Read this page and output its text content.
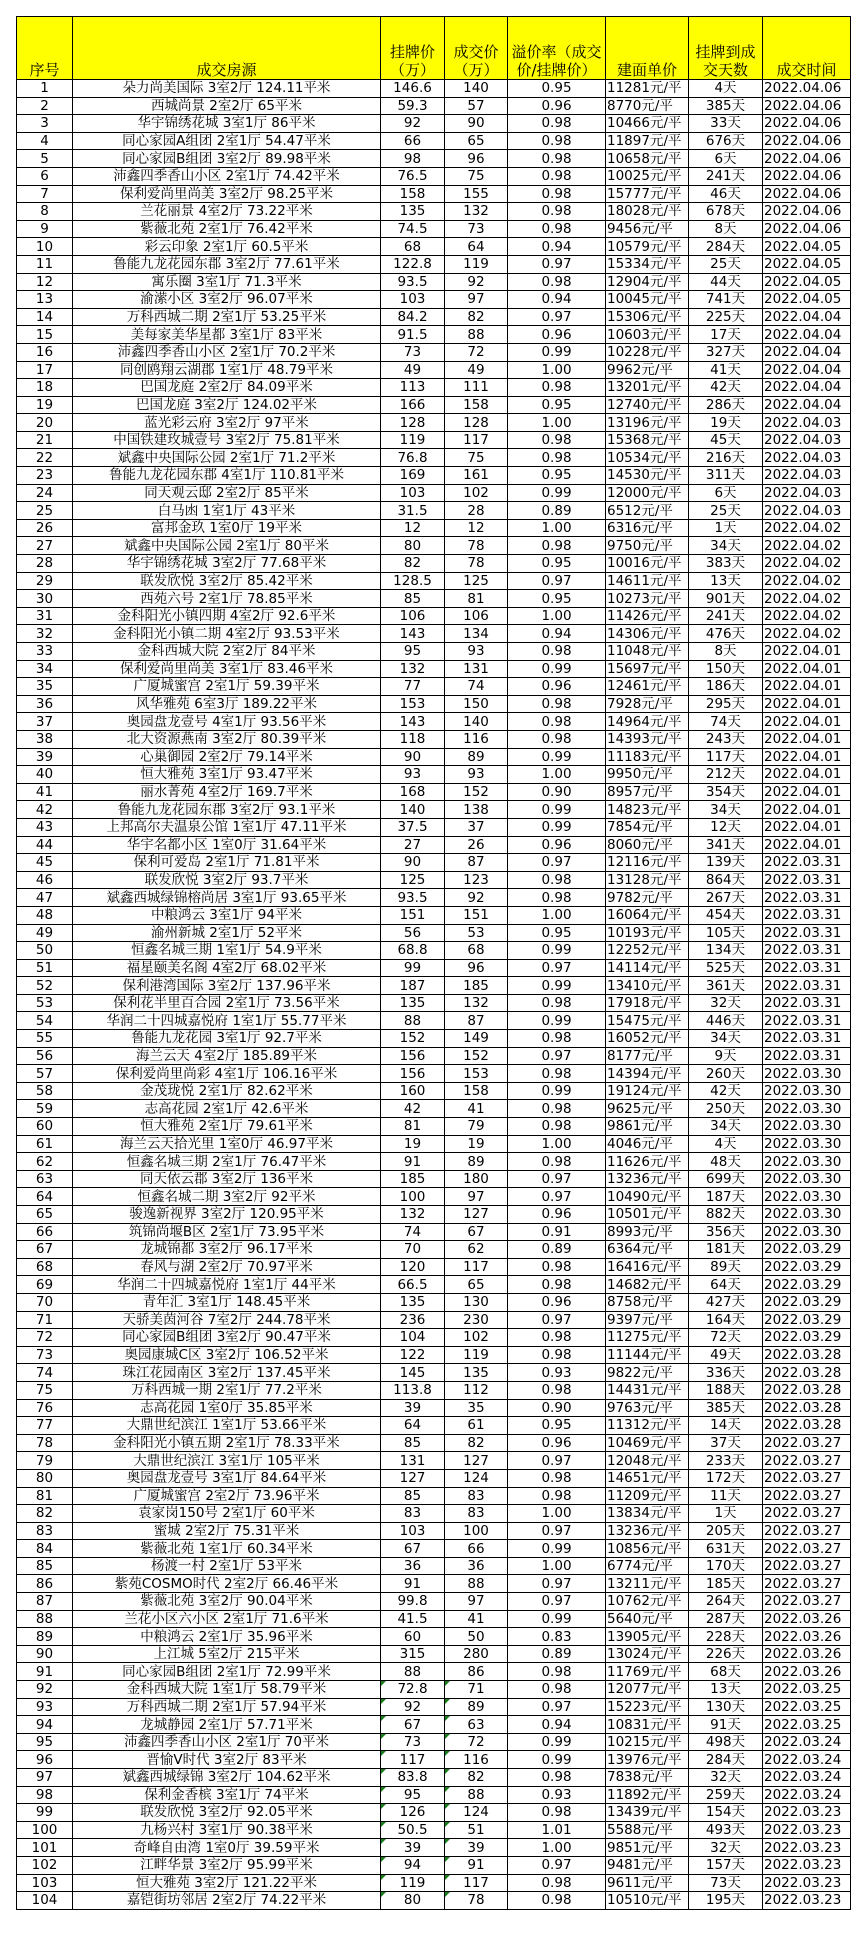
序号	成交房源	挂牌价（万）	成交价（万）	溢价率（成交价/挂牌价）	建面单价	挂牌到成交天数	成交时间
1	朵力尚美国际 3室2厅 124.11平米	146.6	140	0.95	11281元/平	4天	2022.04.06
2	西城尚景 2室2厅 65平米	59.3	57	0.96	8770元/平	385天	2022.04.06
3	华宇锦绣花城 3室1厅 86平米	92	90	0.98	10466元/平	33天	2022.04.06
4	同心家园A组团 2室1厅 54.47平米	66	65	0.98	11897元/平	676天	2022.04.06
5	同心家园B组团 3室2厅 89.98平米	98	96	0.98	10658元/平	6天	2022.04.06
6	沛鑫四季香山小区 2室1厅 74.42平米	76.5	75	0.98	10025元/平	241天	2022.04.06
7	保利爱尚里尚美 3室2厅 98.25平米	158	155	0.98	15777元/平	46天	2022.04.06
8	兰花丽景 4室2厅 73.22平米	135	132	0.98	18028元/平	678天	2022.04.06
9	紫薇北苑 2室1厅 76.42平米	74.5	73	0.98	9456元/平	8天	2022.04.06
10	彩云印象 2室1厅 60.5平米	68	64	0.94	10579元/平	284天	2022.04.05
11	鲁能九龙花园东郡 3室2厅 77.61平米	122.8	119	0.97	15334元/平	25天	2022.04.05
12	寓乐圈 3室1厅 71.3平米	93.5	92	0.98	12904元/平	44天	2022.04.05
13	渝潆小区 3室2厅 96.07平米	103	97	0.94	10045元/平	741天	2022.04.05
14	万科西城二期 2室1厅 53.25平米	84.2	82	0.97	15306元/平	225天	2022.04.04
15	美每家美华星都 3室1厅 83平米	91.5	88	0.96	10603元/平	17天	2022.04.04
16	沛鑫四季香山小区 2室1厅 70.2平米	73	72	0.99	10228元/平	327天	2022.04.04
17	同创鸥翔云湖郡 1室1厅 48.79平米	49	49	1.00	9962元/平	41天	2022.04.04
18	巴国龙庭 2室2厅 84.09平米	113	111	0.98	13201元/平	42天	2022.04.04
19	巴国龙庭 3室2厅 124.02平米	166	158	0.95	12740元/平	286天	2022.04.04
20	蓝光彩云府 3室2厅 97平米	128	128	1.00	13196元/平	19天	2022.04.03
21	中国铁建玫城壹号 3室2厅 75.81平米	119	117	0.98	15368元/平	45天	2022.04.03
22	斌鑫中央国际公园 2室1厅 71.2平米	76.8	75	0.98	10534元/平	216天	2022.04.03
23	鲁能九龙花园东郡 4室1厅 110.81平米	169	161	0.95	14530元/平	311天	2022.04.03
24	同天观云邸 2室2厅 85平米	103	102	0.99	12000元/平	6天	2022.04.03
25	白马凼 1室1厅 43平米	31.5	28	0.89	6512元/平	25天	2022.04.03
26	富邦金玖 1室0厅 19平米	12	12	1.00	6316元/平	1天	2022.04.02
27	斌鑫中央国际公园 2室1厅 80平米	80	78	0.98	9750元/平	34天	2022.04.02
28	华宇锦绣花城 3室2厅 77.68平米	82	78	0.95	10016元/平	383天	2022.04.02
29	联发欣悦 3室2厅 85.42平米	128.5	125	0.97	14611元/平	13天	2022.04.02
30	西苑六号 2室1厅 78.85平米	85	81	0.95	10273元/平	901天	2022.04.02
31	金科阳光小镇四期 4室2厅 92.6平米	106	106	1.00	11426元/平	241天	2022.04.02
32	金科阳光小镇二期 4室2厅 93.53平米	143	134	0.94	14306元/平	476天	2022.04.02
33	金科西城大院 2室2厅 84平米	95	93	0.98	11048元/平	8天	2022.04.01
34	保利爱尚里尚美 3室1厅 83.46平米	132	131	0.99	15697元/平	150天	2022.04.01
35	广厦城蜜宫 2室1厅 59.39平米	77	74	0.96	12461元/平	186天	2022.04.01
36	风华雅苑 6室3厅 189.22平米	153	150	0.98	7928元/平	295天	2022.04.01
37	奥园盘龙壹号 4室1厅 93.56平米	143	140	0.98	14964元/平	74天	2022.04.01
38	北大资源燕南 3室2厅 80.39平米	118	116	0.98	14393元/平	243天	2022.04.01
39	心巢御园 2室2厅 79.14平米	90	89	0.99	11183元/平	117天	2022.04.01
40	恒大雅苑 3室1厅 93.47平米	93	93	1.00	9950元/平	212天	2022.04.01
41	丽水菁苑 4室2厅 169.7平米	168	152	0.90	8957元/平	354天	2022.04.01
42	鲁能九龙花园东郡 3室2厅 93.1平米	140	138	0.99	14823元/平	34天	2022.04.01
43	上邦高尔夫温泉公馆 1室1厅 47.11平米	37.5	37	0.99	7854元/平	12天	2022.04.01
44	华宇名都小区 1室0厅 31.64平米	27	26	0.96	8060元/平	341天	2022.04.01
45	保利可爱岛 2室1厅 71.81平米	90	87	0.97	12116元/平	139天	2022.03.31
46	联发欣悦 3室2厅 93.7平米	125	123	0.98	13128元/平	864天	2022.03.31
47	斌鑫西城绿锦榕尚居 3室1厅 93.65平米	93.5	92	0.98	9782元/平	267天	2022.03.31
48	中粮鸿云 3室1厅 94平米	151	151	1.00	16064元/平	454天	2022.03.31
49	渝州新城 2室1厅 52平米	56	53	0.95	10193元/平	105天	2022.03.31
50	恒鑫名城三期 1室1厅 54.9平米	68.8	68	0.99	12252元/平	134天	2022.03.31
51	福星颐美名阁 4室2厅 68.02平米	99	96	0.97	14114元/平	525天	2022.03.31
52	保利港湾国际 3室2厅 137.96平米	187	185	0.99	13410元/平	361天	2022.03.31
53	保利花半里百合园 2室1厅 73.56平米	135	132	0.98	17918元/平	32天	2022.03.31
54	华润二十四城嘉悦府 1室1厅 55.77平米	88	87	0.99	15475元/平	446天	2022.03.31
55	鲁能九龙花园 3室1厅 92.7平米	152	149	0.98	16052元/平	34天	2022.03.31
56	海兰云天 4室2厅 185.89平米	156	152	0.97	8177元/平	9天	2022.03.31
57	保利爱尚里尚彩 4室1厅 106.16平米	156	153	0.98	14394元/平	260天	2022.03.30
58	金茂珑悦 2室1厅 82.62平米	160	158	0.99	19124元/平	42天	2022.03.30
59	志高花园 2室1厅 42.6平米	42	41	0.98	9625元/平	250天	2022.03.30
60	恒大雅苑 2室1厅 79.61平米	81	79	0.98	9861元/平	34天	2022.03.30
61	海兰云天拾光里 1室0厅 46.97平米	19	19	1.00	4046元/平	4天	2022.03.30
62	恒鑫名城三期 2室1厅 76.47平米	91	89	0.98	11626元/平	48天	2022.03.30
63	同天依云郡 3室2厅 136平米	185	180	0.97	13236元/平	699天	2022.03.30
64	恒鑫名城二期 3室2厅 92平米	100	97	0.97	10490元/平	187天	2022.03.30
65	骏逸新视界 3室2厅 120.95平米	132	127	0.96	10501元/平	882天	2022.03.30
66	筑锦尚堰B区 2室1厅 73.95平米	74	67	0.91	8993元/平	356天	2022.03.30
67	龙城锦都 3室2厅 96.17平米	70	62	0.89	6364元/平	181天	2022.03.29
68	春风与湖 2室2厅 70.97平米	120	117	0.98	16416元/平	89天	2022.03.29
69	华润二十四城嘉悦府 1室1厅 44平米	66.5	65	0.98	14682元/平	64天	2022.03.29
70	青年汇 3室1厅 148.45平米	135	130	0.96	8758元/平	427天	2022.03.29
71	天骄美茵河谷 7室2厅 244.78平米	236	230	0.97	9397元/平	164天	2022.03.29
72	同心家园B组团 3室2厅 90.47平米	104	102	0.98	11275元/平	72天	2022.03.29
73	奥园康城C区 3室2厅 106.52平米	122	119	0.98	11144元/平	49天	2022.03.28
74	珠江花园南区 3室2厅 137.45平米	145	135	0.93	9822元/平	336天	2022.03.28
75	万科西城一期 2室1厅 77.2平米	113.8	112	0.98	14431元/平	188天	2022.03.28
76	志高花园 1室0厅 35.85平米	39	35	0.90	9763元/平	385天	2022.03.28
77	大鼎世纪滨江 1室1厅 53.66平米	64	61	0.95	11312元/平	14天	2022.03.28
78	金科阳光小镇五期 2室1厅 78.33平米	85	82	0.96	10469元/平	37天	2022.03.27
79	大鼎世纪滨江 3室1厅 105平米	131	127	0.97	12048元/平	233天	2022.03.27
80	奥园盘龙壹号 3室1厅 84.64平米	127	124	0.98	14651元/平	172天	2022.03.27
81	广厦城蜜宫 2室2厅 73.96平米	85	83	0.98	11209元/平	11天	2022.03.27
82	袁家岗150号 2室1厅 60平米	83	83	1.00	13834元/平	1天	2022.03.27
83	蜜城 2室2厅 75.31平米	103	100	0.97	13236元/平	205天	2022.03.27
84	紫薇北苑 1室1厅 60.34平米	67	66	0.99	10856元/平	631天	2022.03.27
85	杨渡一村 2室1厅 53平米	36	36	1.00	6774元/平	170天	2022.03.27
86	紫苑COSMO时代 2室2厅 66.46平米	91	88	0.97	13211元/平	185天	2022.03.27
87	紫薇北苑 3室2厅 90.04平米	99.8	97	0.97	10762元/平	264天	2022.03.27
88	兰花小区六小区 2室1厅 71.6平米	41.5	41	0.99	5640元/平	287天	2022.03.26
89	中粮鸿云 2室1厅 35.96平米	60	50	0.83	13905元/平	228天	2022.03.26
90	上江城 5室2厅 215平米	315	280	0.89	13024元/平	226天	2022.03.26
91	同心家园B组团 2室1厅 72.99平米	88	86	0.98	11769元/平	68天	2022.03.26
92	金科西城大院 1室1厅 58.79平米	72.8	71	0.98	12077元/平	13天	2022.03.25
93	万科西城二期 2室1厅 57.94平米	92	89	0.97	15223元/平	130天	2022.03.25
94	龙城静园 2室1厅 57.71平米	67	63	0.94	10831元/平	91天	2022.03.25
95	沛鑫四季香山小区 2室1厅 70平米	73	72	0.99	10215元/平	498天	2022.03.24
96	晋愉V时代 3室2厅 83平米	117	116	0.99	13976元/平	284天	2022.03.24
97	斌鑫西城绿锦 3室2厅 104.62平米	83.8	82	0.98	7838元/平	32天	2022.03.24
98	保利金香槟 3室1厅 74平米	95	88	0.93	11892元/平	259天	2022.03.24
99	联发欣悦 3室2厅 92.05平米	126	124	0.98	13439元/平	154天	2022.03.23
100	九杨兴村 3室1厅 90.38平米	50.5	51	1.01	5588元/平	493天	2022.03.23
101	奇峰自由湾 1室0厅 39.59平米	39	39	1.00	9851元/平	32天	2022.03.23
102	江畔华景 3室2厅 95.99平米	94	91	0.97	9481元/平	157天	2022.03.23
103	恒大雅苑 3室2厅 121.22平米	119	117	0.98	9611元/平	73天	2022.03.23
104	嘉铠街坊邻居 2室2厅 74.22平米	80	78	0.98	10510元/平	195天	2022.03.23
